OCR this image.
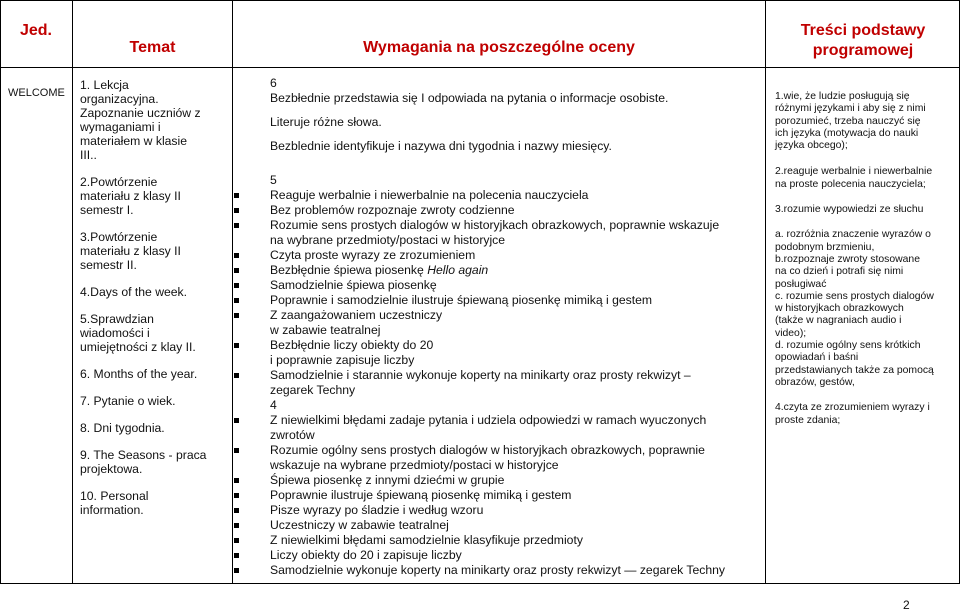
Jed.
Temat	Wymagania na poszczególne oceny
Treści podstawy
programowej
WELCOME

1. Lekcja

organizacyjna.

Zapoznanie uczniów z

wymaganiami i

materiałem w klasie

III..

2.Powtórzenie

materiału z klasy II

semestr I.

3.Powtórzenie

materiału z klasy II

semestr II.

4.Days of the week.

5.Sprawdzian

wiadomości i

umiejętności z klay II.

6. Months of the year.

7. Pytanie o wiek.

8. Dni tygodnia.

9. The Seasons - praca

projektowa.

10. Personal

information.

6

Bezbłednie przedstawia się I odpowiada na pytania o informacje osobiste.

Literuje różne słowa.

Bezblednie identyfikuje i nazywa dni tygodnia i nazwy miesięcy.

5

Reaguje werbalnie i niewerbalnie na polecenia nauczyciela

Bez problemów rozpoznaje zwroty codzienne

Rozumie sens prostych dialogów w historyjkach obrazkowych, poprawnie wskazuje

na wybrane przedmioty/postaci w historyjce

Czyta proste wyrazy ze zrozumieniem

Bezbłędnie śpiewa piosenkę Hello again

Samodzielnie śpiewa piosenkę

Poprawnie i samodzielnie ilustruje śpiewaną piosenkę mimiką i gestem

Z zaangażowaniem uczestniczy

w zabawie teatralnej

Bezbłędnie liczy obiekty do 20

i poprawnie zapisuje liczby

Samodzielnie i starannie wykonuje koperty na minikarty oraz prosty rekwizyt –

zegarek Techny

4

Z niewielkimi błędami zadaje pytania i udziela odpowiedzi w ramach wyuczonych

zwrotów

Rozumie ogólny sens prostych dialogów w historyjkach obrazkowych, poprawnie

wskazuje na wybrane przedmioty/postaci w historyjce

Śpiewa piosenkę z innymi dziećmi w grupie

Poprawnie ilustruje śpiewaną piosenkę mimiką i gestem

Pisze wyrazy po śladzie i według wzoru

Uczestniczy w zabawie teatralnej

Z niewielkimi błędami samodzielnie klasyfikuje przedmioty

Liczy obiekty do 20 i zapisuje liczby

Samodzielnie wykonuje koperty na minikarty oraz prosty rekwizyt — zegarek Techny

1.wie, że ludzie posługują się

różnymi językami i aby się z nimi

porozumieć, trzeba nauczyć się

ich języka (motywacja do nauki

języka obcego);

2.reaguje werbalnie i niewerbalnie

na proste polecenia nauczyciela;

3.rozumie wypowiedzi ze słuchu

a. rozróżnia znaczenie wyrazów o

podobnym brzmieniu,

b.rozpoznaje zwroty stosowane

na co dzień i potrafi się nimi

posługiwać

c. rozumie sens prostych dialogów

w historyjkach obrazkowych

(także w nagraniach audio i

video);

d. rozumie ogólny sens krótkich

opowiadań i baśni

przedstawianych także za pomocą

obrazów, gestów,

4.czyta ze zrozumieniem wyrazy i

proste zdania;

2
